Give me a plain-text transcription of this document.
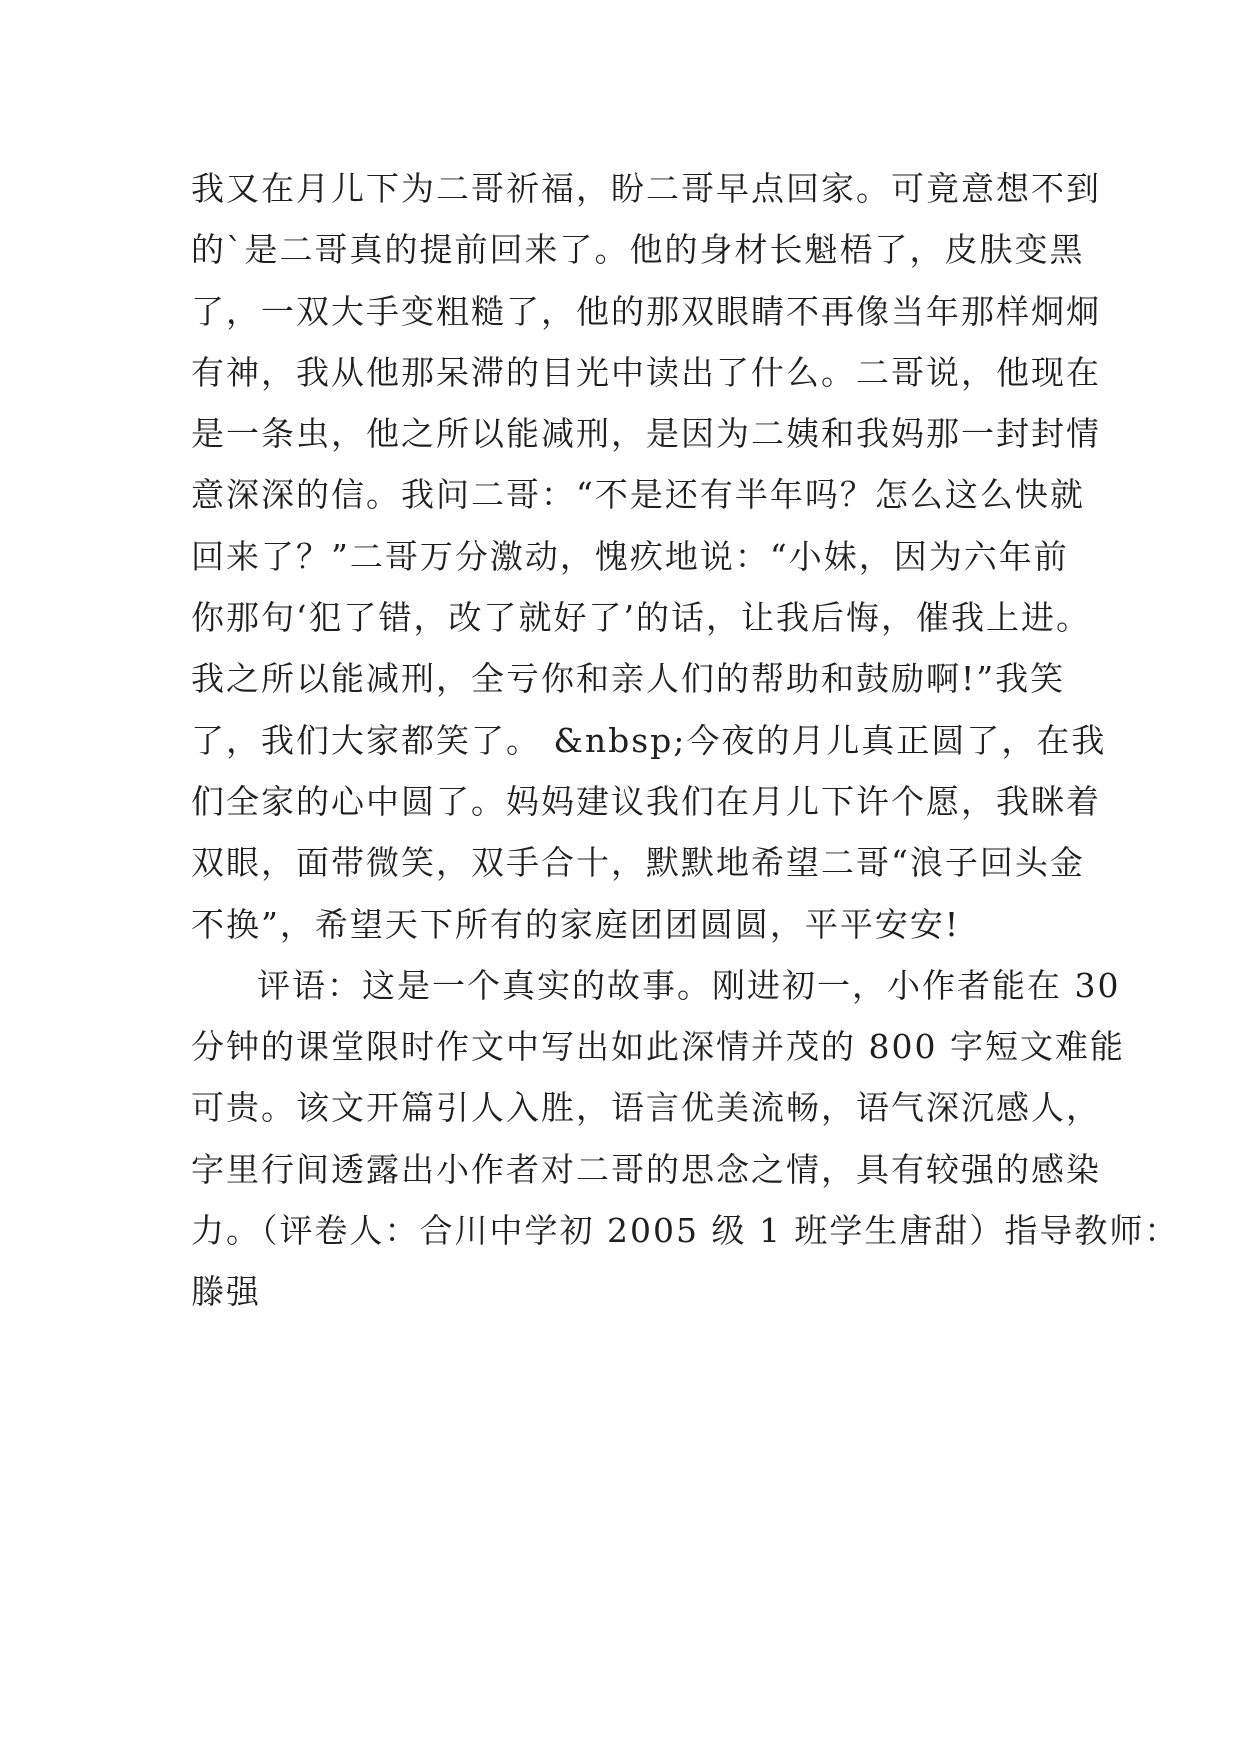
我又在月儿下为二哥祈福，盼二哥早点回家。可竟意想不到
的`是二哥真的提前回来了。他的身材长魁梧了，皮肤变黑
了，一双大手变粗糙了，他的那双眼睛不再像当年那样炯炯
有神，我从他那呆滞的目光中读出了什么。二哥说，他现在
是一条虫，他之所以能减刑，是因为二姨和我妈那一封封情
意深深的信。我问二哥：“不是还有半年吗？怎么这么快就
回来了？”二哥万分激动，愧疚地说：“小妹，因为六年前
你那句‘犯了错，改了就好了’的话，让我后悔，催我上进。
我之所以能减刑，全亏你和亲人们的帮助和鼓励啊!”我笑
了，我们大家都笑了。 &nbsp;今夜的月儿真正圆了，在我
们全家的心中圆了。妈妈建议我们在月儿下许个愿，我眯着
双眼，面带微笑，双手合十，默默地希望二哥“浪子回头金
不换”，希望天下所有的家庭团团圆圆，平平安安!
评语：这是一个真实的故事。刚进初一，小作者能在 30
分钟的课堂限时作文中写出如此深情并茂的 800 字短文难能
可贵。该文开篇引人入胜，语言优美流畅，语气深沉感人，
字里行间透露出小作者对二哥的思念之情，具有较强的感染
力。（评卷人：合川中学初 2005 级 1 班学生唐甜）指导教师：
滕强
